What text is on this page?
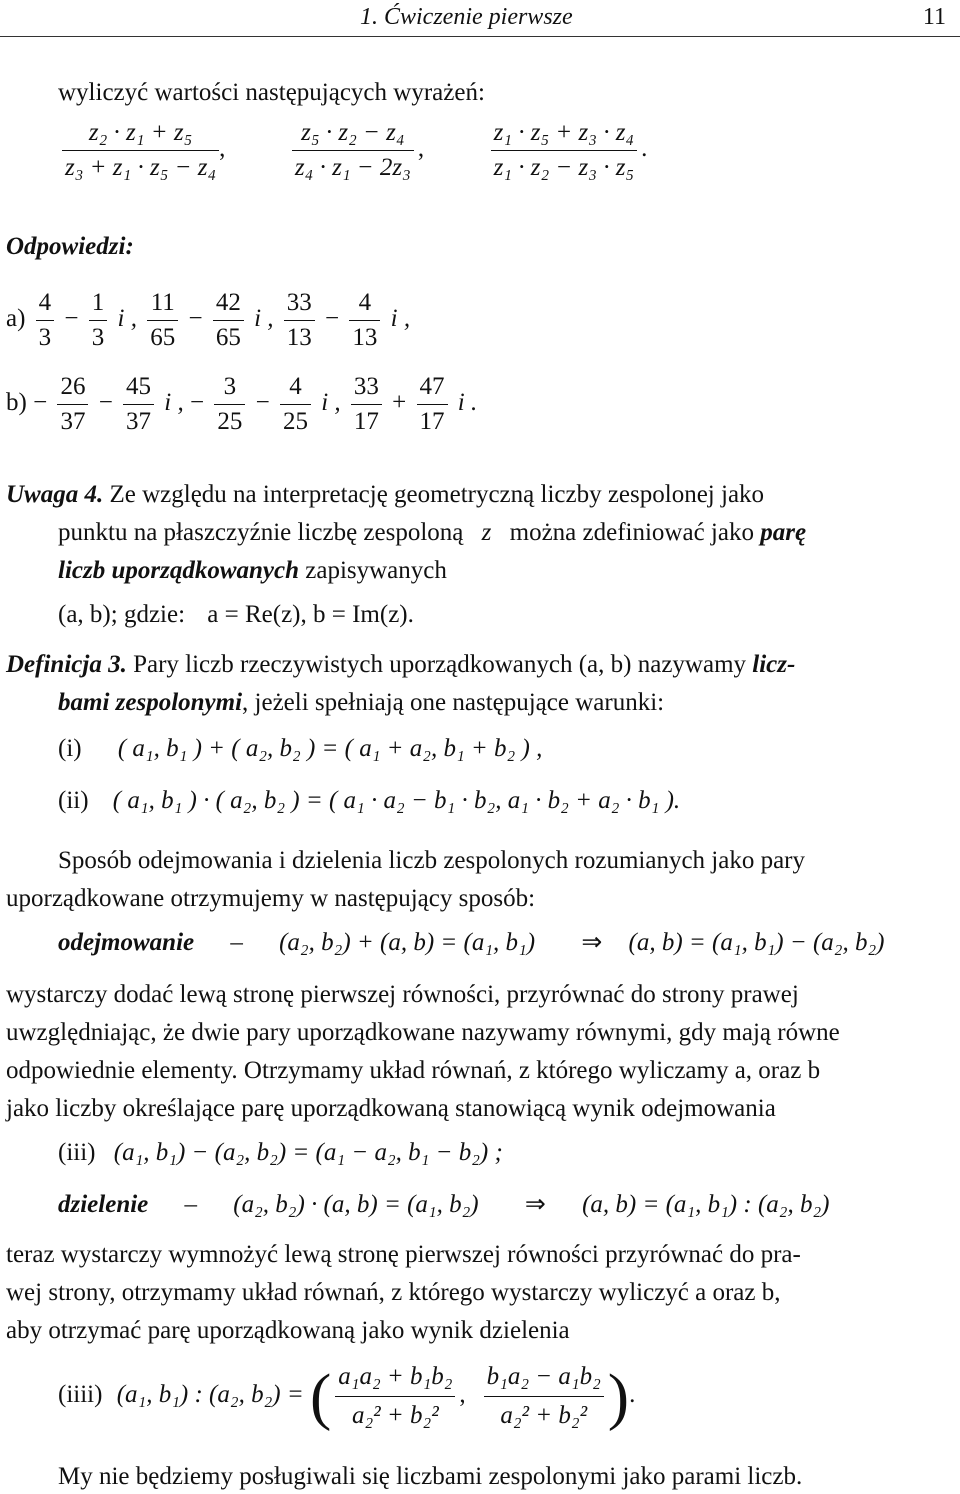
1. Ćwiczenie pierwsze	11
wyliczyć wartości następujących wyrażeń:
$\frac{\text{z₂ · z₁ + z₅}}{\text{z₃ + z₁ · z₅ − z₄}}$ ,	$\frac{\text{z₅ · z₂ − z₄}}{\text{z₄ · z₁ − 2z₃}}$ ,	$\frac{\text{z₁ · z₅ + z₃ · z₄}}{\text{z₁ · z₂ − z₃ · z₅}}$ .
Odpowiedzi:
$a) \frac{4}{3} - \frac{1}{3}$ i , $\frac{11}{65} - \frac{42}{65}$ i , $\frac{33}{13} - \frac{4}{13}$ i ,
$b) - \frac{26}{37} - \frac{45}{37}$ i , − $\frac{3}{25} - \frac{4}{25}$ i , $\frac{33}{17} + \frac{47}{17}$ i .
Uwaga 4. Ze względu na interpretację geometryczną liczby zespolonej jako
punktu na płaszczyźnie liczbę zespoloną z można zdefiniować jako parę
liczb uporządkowanych zapisywanych
(a, b); gdzie: a = Re(z), b = Im(z).
Definicja 3. Pary liczb rzeczywistych uporządkowanych (a, b) nazywamy licz-
bami zespolonymi, jeżeli spełniają one następujące warunki:
(i) ( a₁, b₁ ) + ( a₂, b₂ ) = ( a₁ + a₂, b₁ + b₂ ) ,
(ii) ( a₁, b₁ ) · ( a₂, b₂ ) = ( a₁ · a₂ − b₁ · b₂, a₁ · b₂ + a₂ · b₁ ).
Sposób odejmowania i dzielenia liczb zespolonych rozumianych jako pary
uporządkowane otrzymujemy w następujący sposób:
odejmowanie – (a₂, b₂) + (a, b) = (a₁, b₁) ⇒ (a, b) = (a₁, b₁) − (a₂, b₂)
wystarczy dodać lewą stronę pierwszej równości, przyrównać do strony prawej
uwzględniając, że dwie pary uporządkowane nazywamy równymi, gdy mają równe
odpowiednie elementy. Otrzymamy układ równań, z którego wyliczamy a, oraz b
jako liczby określające parę uporządkowaną stanowiącą wynik odejmowania
(iii) (a₁, b₁) − (a₂, b₂) = (a₁ − a₂, b₁ − b₂) ;
dzielenie – (a₂, b₂) · (a, b) = (a₁, b₂) ⇒ (a, b) = (a₁, b₁) : (a₂, b₂)
teraz wystarczy wymnożyć lewą stronę pierwszej równości przyrównać do pra-
wej strony, otrzymamy układ równań, z którego wystarczy wyliczyć a oraz b,
aby otrzymać parę uporządkowaną jako wynik dzielenia
(iiii) (a₁, b₁) : (a₂, b₂) = ( $\frac{\text{a₁a₂ + b₁b₂}}{\text{a₂² + b₂²}}$ , $\frac{\text{b₁a₂ − a₁b₂}}{\text{a₂² + b₂²}}$ ).
My nie będziemy posługiwali się liczbami zespolonymi jako parami liczb.
